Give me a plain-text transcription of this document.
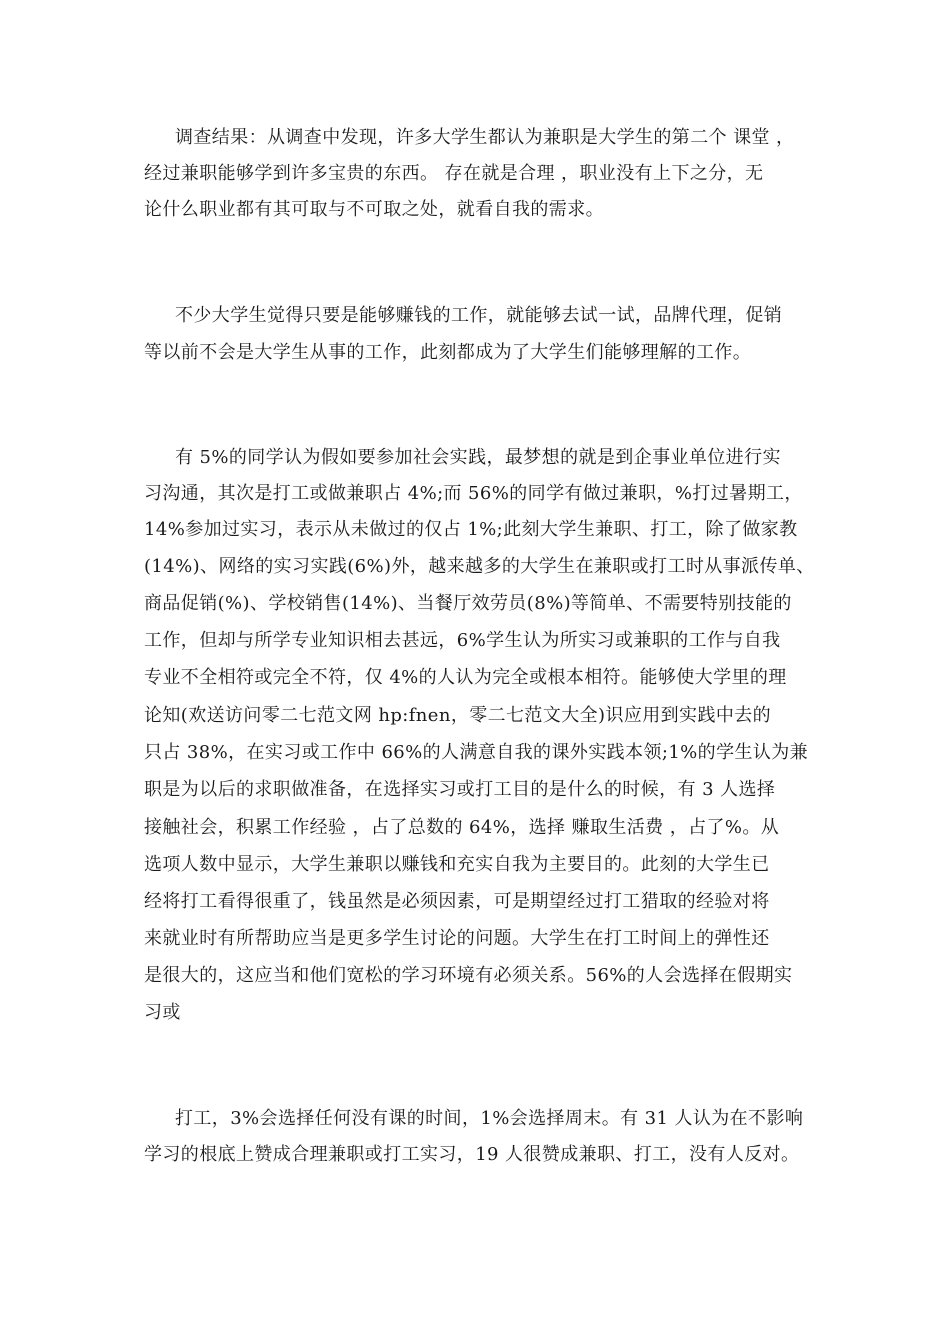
调查结果：从调查中发现，许多大学生都认为兼职是大学生的第二个 课堂 ，
经过兼职能够学到许多宝贵的东西。 存在就是合理 ，职业没有上下之分，无
论什么职业都有其可取与不可取之处，就看自我的需求。
不少大学生觉得只要是能够赚钱的工作，就能够去试一试，品牌代理，促销
等以前不会是大学生从事的工作，此刻都成为了大学生们能够理解的工作。
有 5%的同学认为假如要参加社会实践，最梦想的就是到企事业单位进行实
习沟通，其次是打工或做兼职占 4%;而 56%的同学有做过兼职，%打过暑期工，
14%参加过实习，表示从未做过的仅占 1%;此刻大学生兼职、打工，除了做家教
(14%)、网络的实习实践(6%)外，越来越多的大学生在兼职或打工时从事派传单、
商品促销(%)、学校销售(14%)、当餐厅效劳员(8%)等简单、不需要特别技能的
工作，但却与所学专业知识相去甚远，6%学生认为所实习或兼职的工作与自我
专业不全相符或完全不符，仅 4%的人认为完全或根本相符。能够使大学里的理
论知(欢送访问零二七范文网 hp:fnen，零二七范文大全)识应用到实践中去的
只占 38%，在实习或工作中 66%的人满意自我的课外实践本领;1%的学生认为兼
职是为以后的求职做准备，在选择实习或打工目的是什么的时候，有 3 人选择
接触社会，积累工作经验 ，占了总数的 64%，选择 赚取生活费 ，占了%。从
选项人数中显示，大学生兼职以赚钱和充实自我为主要目的。此刻的大学生已
经将打工看得很重了，钱虽然是必须因素，可是期望经过打工猎取的经验对将
来就业时有所帮助应当是更多学生讨论的问题。大学生在打工时间上的弹性还
是很大的，这应当和他们宽松的学习环境有必须关系。56%的人会选择在假期实
习或
打工，3%会选择任何没有课的时间，1%会选择周末。有 31 人认为在不影响
学习的根底上赞成合理兼职或打工实习，19 人很赞成兼职、打工，没有人反对。
